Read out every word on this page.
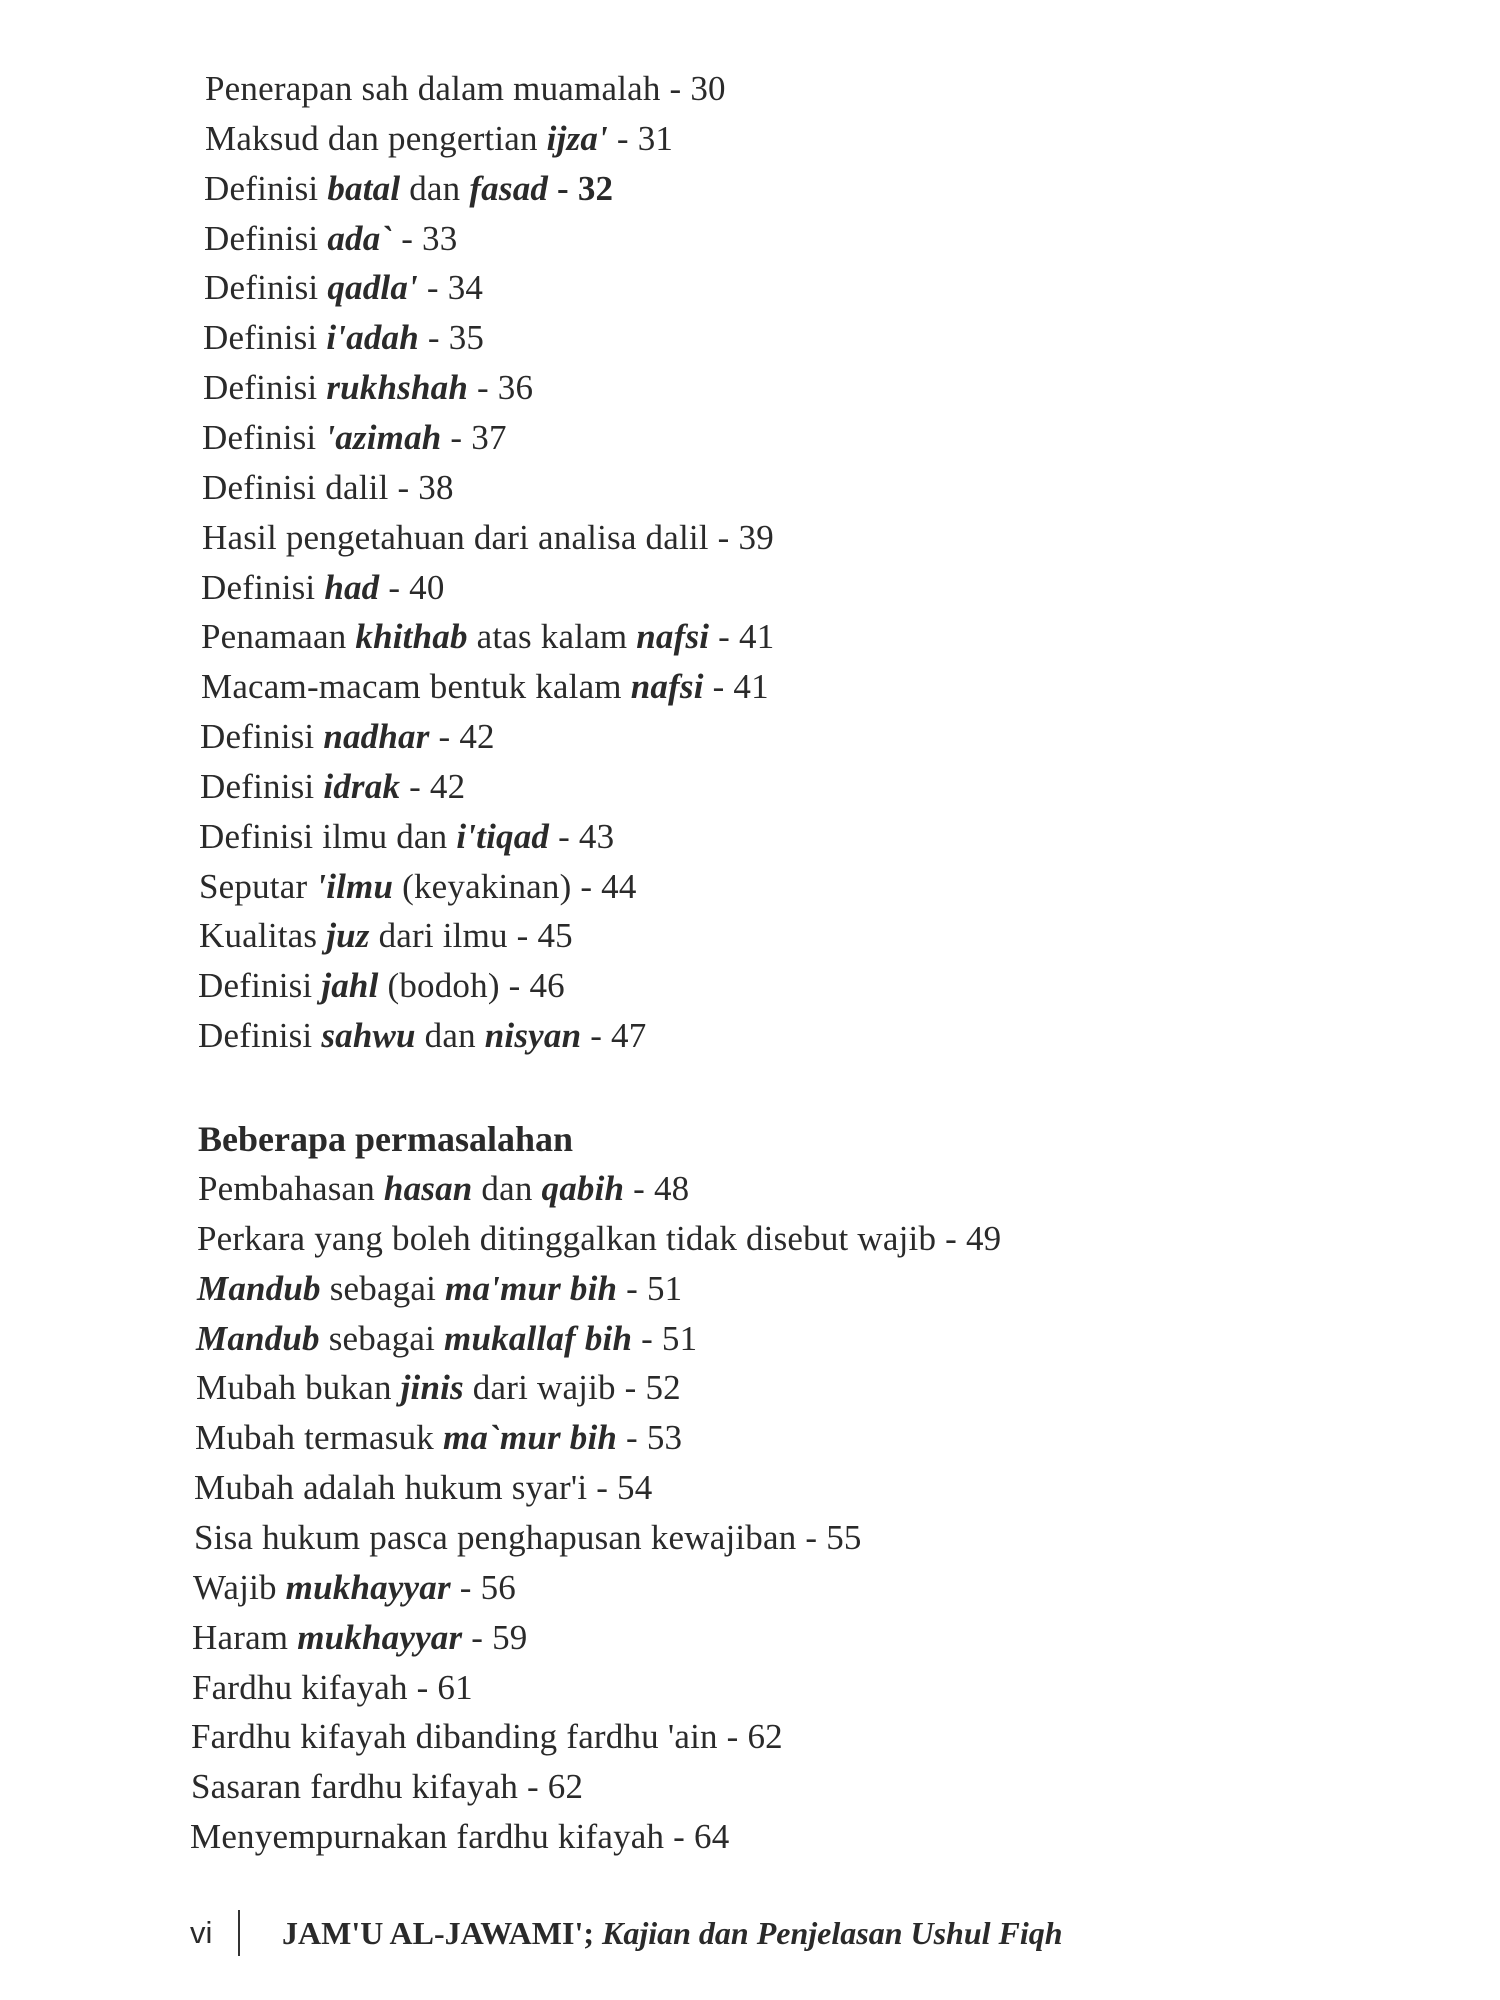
Penerapan sah dalam muamalah - 30
Maksud dan pengertian ijza' - 31
Definisi batal dan fasad - 32
Definisi ada` - 33
Definisi qadla' - 34
Definisi i'adah - 35
Definisi rukhshah - 36
Definisi 'azimah - 37
Definisi dalil - 38
Hasil pengetahuan dari analisa dalil - 39
Definisi had - 40
Penamaan khithab atas kalam nafsi - 41
Macam-macam bentuk kalam nafsi - 41
Definisi nadhar - 42
Definisi idrak - 42
Definisi ilmu dan i'tiqad - 43
Seputar 'ilmu (keyakinan) - 44
Kualitas juz dari ilmu - 45
Definisi jahl (bodoh) - 46
Definisi sahwu dan nisyan - 47
Beberapa permasalahan
Pembahasan hasan dan qabih - 48
Perkara yang boleh ditinggalkan tidak disebut wajib - 49
Mandub sebagai ma'mur bih - 51
Mandub sebagai mukallaf bih - 51
Mubah bukan jinis dari wajib - 52
Mubah termasuk ma`mur bih - 53
Mubah adalah hukum syar'i - 54
Sisa hukum pasca penghapusan kewajiban - 55
Wajib mukhayyar - 56
Haram mukhayyar - 59
Fardhu kifayah - 61
Fardhu kifayah dibanding fardhu 'ain - 62
Sasaran fardhu kifayah - 62
Menyempurnakan fardhu kifayah - 64
vi JAM'U AL-JAWAMI'; Kajian dan Penjelasan Ushul Fiqh
